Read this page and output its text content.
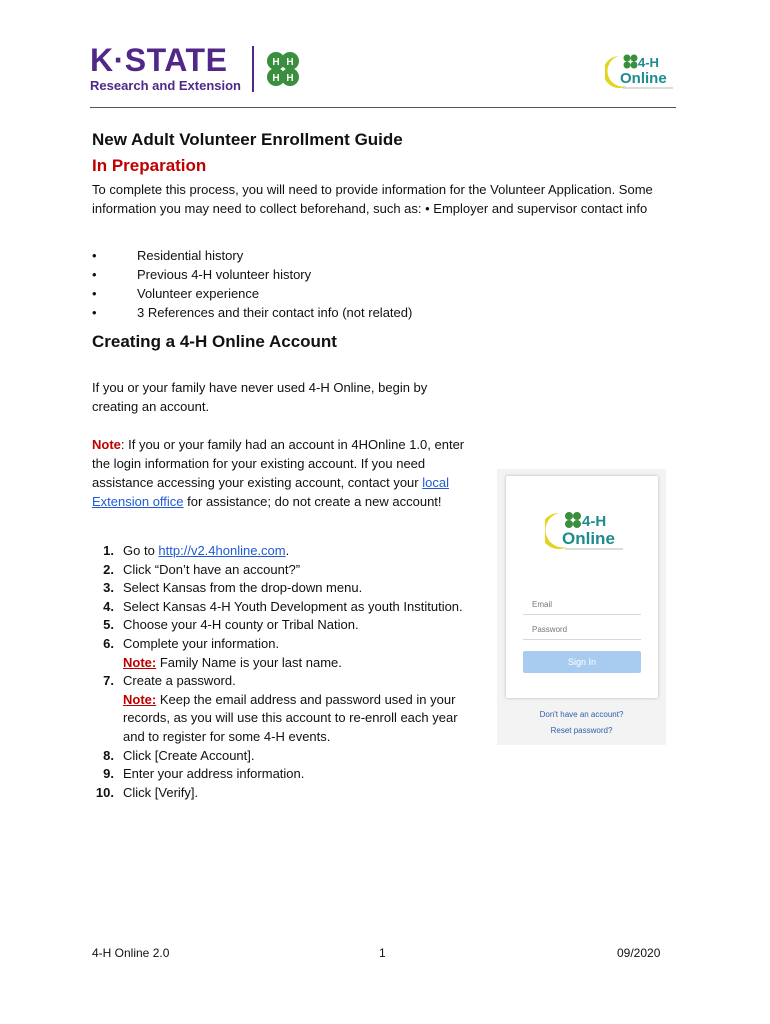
K·STATE
Research and Extension
H H
H H
4-H
Online
New Adult Volunteer Enrollment Guide
In Preparation
To complete this process, you will need to provide information for the Volunteer Application. Some information you may need to collect beforehand, such as: • Employer and supervisor contact info
•	Residential history
•	Previous 4-H volunteer history
•	Volunteer experience
•	3 References and their contact info (not related)
Creating a 4-H Online Account
If you or your family have never used 4-H Online, begin by creating an account.
Note: If you or your family had an account in 4HOnline 1.0, enter the login information for your existing account. If you need assistance accessing your existing account, contact your local Extension office for assistance; do not create a new account!
1. Go to http://v2.4honline.com.
2. Click “Don’t have an account?”
3. Select Kansas from the drop-down menu.
4. Select Kansas 4-H Youth Development as youth Institution.
5. Choose your 4-H county or Tribal Nation.
6. Complete your information.
Note: Family Name is your last name.
7. Create a password.
Note: Keep the email address and password used in your records, as you will use this account to re-enroll each year and to register for some 4-H events.
8. Click [Create Account].
9. Enter your address information.
10. Click [Verify].
4-H
Online
Email
Password
Sign In
Don't have an account?
Reset password?
4-H Online 2.0	1	09/2020
